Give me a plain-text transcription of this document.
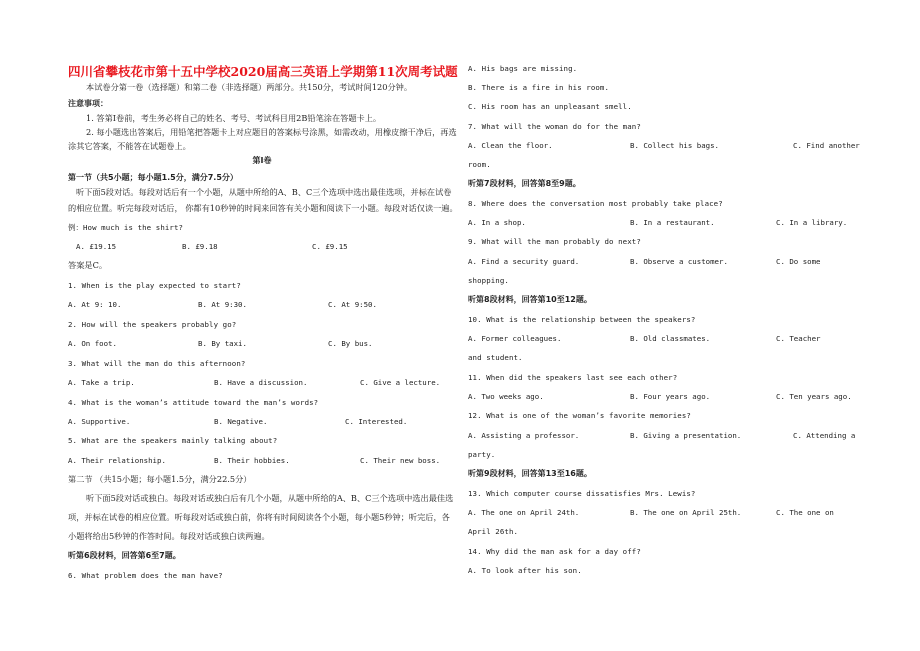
四川省攀枝花市第十五中学校2020届高三英语上学期第11次周考试题
本试卷分第一卷（选择题）和第二卷（非选择题）两部分。共150分，考试时间120分钟。
注意事项：
1. 答第Ⅰ卷前，考生务必将自己的姓名、考号、考试科目用2B铅笔涂在答题卡上。
2. 每小题选出答案后，用铅笔把答题卡上对应题目的答案标号涂黑，如需改动，用橡皮擦干净后，再选
涂其它答案，不能答在试题卷上。
第Ⅰ卷
第一节（共5小题；每小题1.5分，满分7.5分）
听下面5段对话。每段对话后有一个小题，从题中所给的A、B、C三个选项中选出最佳选项，并标在试卷
的相应位置。听完每段对话后， 你都有10秒钟的时间来回答有关小题和阅读下一小题。每段对话仅读一遍。
例：How much is the shirt?
A. £19.15	B. £9.18	C. £9.15
答案是C。
1. When is the play expected to start?
A. At 9: 10.	B. At 9:30.	C. At 9:50.
2. How will the speakers probably go?
A. On foot.	B. By taxi.	C. By bus.
3. What will the man do this afternoon?
A. Take a trip.	B. Have a discussion.	C. Give a lecture.
4. What is the woman’s attitude toward the man’s words?
A. Supportive.	B. Negative.	C. Interested.
5. What are the speakers mainly talking about?
A. Their relationship.	B. Their hobbies.	C. Their new boss.
第二节 （共15小题；每小题1.5分，满分22.5分）
听下面5段对话或独白。每段对话或独白后有几个小题，从题中所给的A、B、C三个选项中选出最佳选
项，并标在试卷的相应位置。听每段对话或独白前，你将有时间阅读各个小题，每小题5秒钟；听完后，各
小题将给出5秒钟的作答时间。每段对话或独白读两遍。
听第6段材料，回答第6至7题。
6. What problem does the man have?
A. His bags are missing.
B. There is a fire in his room.
C. His room has an unpleasant smell.
7. What will the woman do for the man?
A. Clean the floor.	B. Collect his bags.	C. Find another
room.
听第7段材料，回答第8至9题。
8. Where does the conversation most probably take place?
A. In a shop.	B. In a restaurant.	C. In a library.
9. What will the man probably do next?
A. Find a security guard.	B. Observe a customer.	C. Do some
shopping.
听第8段材料，回答第10至12题。
10. What is the relationship between the speakers?
A. Former colleagues.	B. Old classmates.	C. Teacher
and student.
11. When did the speakers last see each other?
A. Two weeks ago.	B. Four years ago.	C. Ten years ago.
12. What is one of the woman’s favorite memories?
A. Assisting a professor.	B. Giving a presentation.	C. Attending a
party.
听第9段材料，回答第13至16题。
13. Which computer course dissatisfies Mrs. Lewis?
A. The one on April 24th.	B. The one on April 25th.	C. The one on
April 26th.
14. Why did the man ask for a day off?
A. To look after his son.
